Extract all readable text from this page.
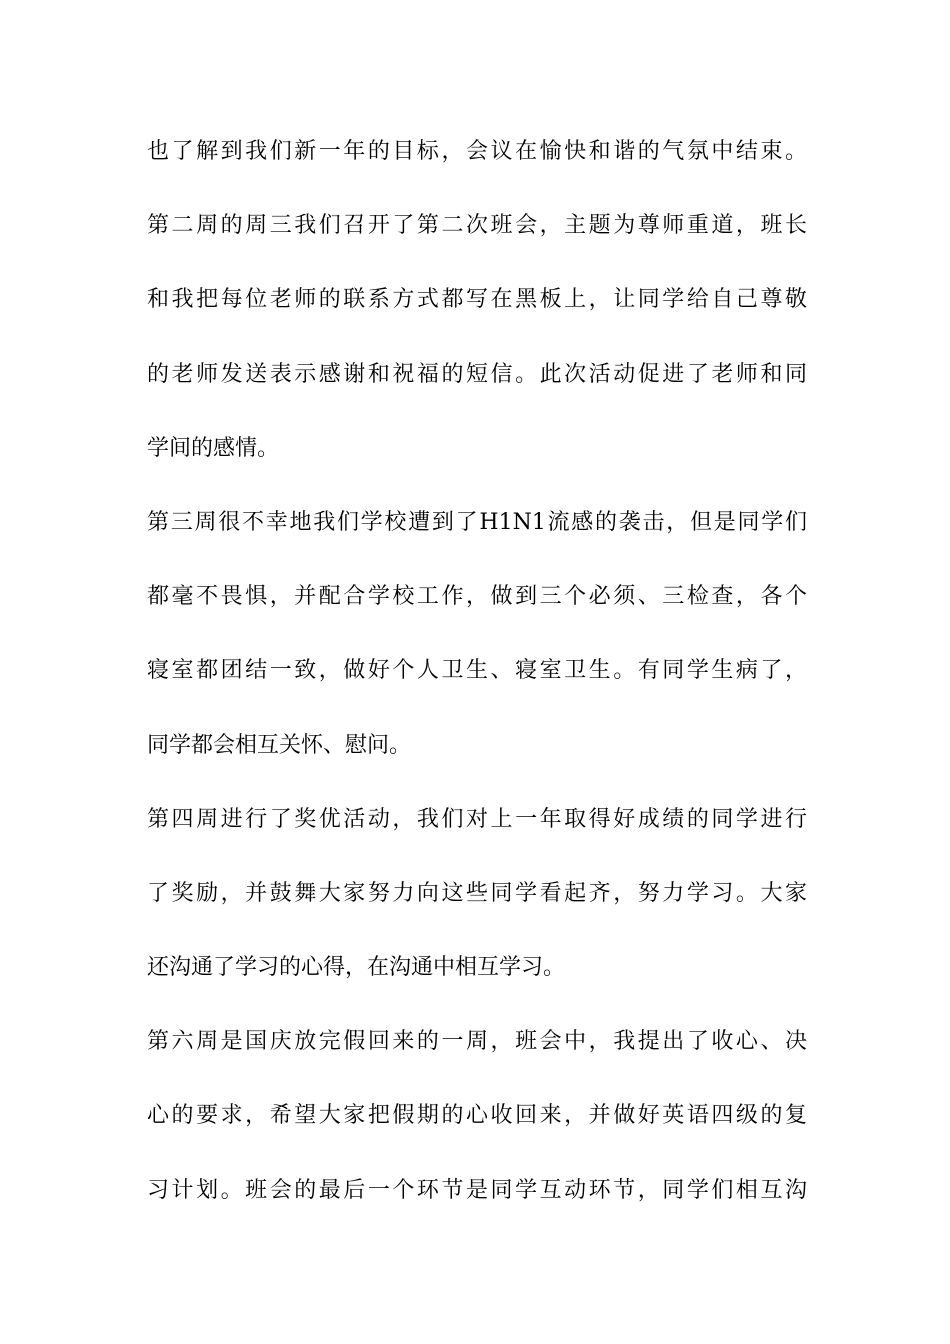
也了解到我们新一年的目标，会议在愉快和谐的气氛中结束。
第二周的周三我们召开了第二次班会，主题为尊师重道，班长
和我把每位老师的联系方式都写在黑板上，让同学给自己尊敬
的老师发送表示感谢和祝福的短信。此次活动促进了老师和同
学间的感情。
第三周很不幸地我们学校遭到了H1N1流感的袭击，但是同学们
都毫不畏惧，并配合学校工作，做到三个必须、三检查，各个
寝室都团结一致，做好个人卫生、寝室卫生。有同学生病了，
同学都会相互关怀、慰问。
第四周进行了奖优活动，我们对上一年取得好成绩的同学进行
了奖励，并鼓舞大家努力向这些同学看起齐，努力学习。大家
还沟通了学习的心得，在沟通中相互学习。
第六周是国庆放完假回来的一周，班会中，我提出了收心、决
心的要求，希望大家把假期的心收回来，并做好英语四级的复
习计划。班会的最后一个环节是同学互动环节，同学们相互沟
